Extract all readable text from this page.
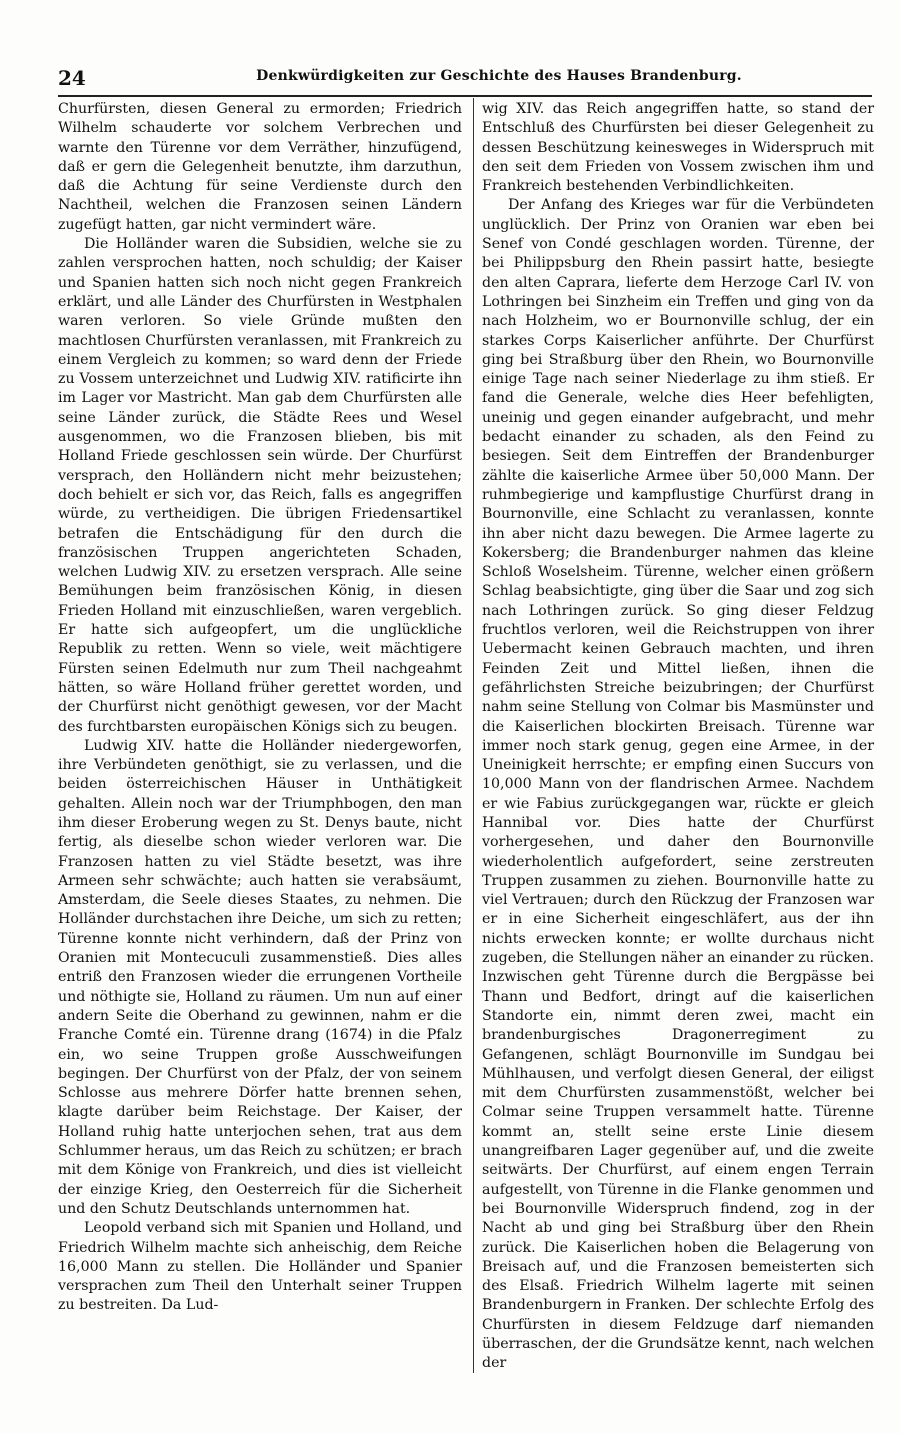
24	Denkwürdigkeiten zur Geschichte des Hauses Brandenburg.

Churfürsten, diesen General zu ermorden; Friedrich Wilhelm schauderte vor solchem Verbrechen und warnte den Türenne vor dem Verräther, hinzufügend, daß er gern die Gelegenheit benutzte, ihm darzuthun, daß die Achtung für seine Verdienste durch den Nachtheil, welchen die Franzosen seinen Ländern zugefügt hatten, gar nicht vermindert wäre.

Die Holländer waren die Subsidien, welche sie zu zahlen versprochen hatten, noch schuldig; der Kaiser und Spanien hatten sich noch nicht gegen Frankreich erklärt, und alle Länder des Churfürsten in Westphalen waren verloren. So viele Gründe mußten den machtlosen Churfürsten veranlassen, mit Frankreich zu einem Vergleich zu kommen; so ward denn der Friede zu Vossem unterzeichnet und Ludwig XIV. ratificirte ihn im Lager vor Mastricht. Man gab dem Churfürsten alle seine Länder zurück, die Städte Rees und Wesel ausgenommen, wo die Franzosen blieben, bis mit Holland Friede geschlossen sein würde. Der Churfürst versprach, den Holländern nicht mehr beizustehen; doch behielt er sich vor, das Reich, falls es angegriffen würde, zu vertheidigen. Die übrigen Friedensartikel betrafen die Entschädigung für den durch die französischen Truppen angerichteten Schaden, welchen Ludwig XIV. zu ersetzen versprach. Alle seine Bemühungen beim französischen König, in diesen Frieden Holland mit einzuschließen, waren vergeblich. Er hatte sich aufgeopfert, um die unglückliche Republik zu retten. Wenn so viele, weit mächtigere Fürsten seinen Edelmuth nur zum Theil nachgeahmt hätten, so wäre Holland früher gerettet worden, und der Churfürst nicht genöthigt gewesen, vor der Macht des furchtbarsten europäischen Königs sich zu beugen.

Ludwig XIV. hatte die Holländer niedergeworfen, ihre Verbündeten genöthigt, sie zu verlassen, und die beiden österreichischen Häuser in Unthätigkeit gehalten. Allein noch war der Triumphbogen, den man ihm dieser Eroberung wegen zu St. Denys baute, nicht fertig, als dieselbe schon wieder verloren war. Die Franzosen hatten zu viel Städte besetzt, was ihre Armeen sehr schwächte; auch hatten sie verabsäumt, Amsterdam, die Seele dieses Staates, zu nehmen. Die Holländer durchstachen ihre Deiche, um sich zu retten; Türenne konnte nicht verhindern, daß der Prinz von Oranien mit Montecuculi zusammenstieß. Dies alles entriß den Franzosen wieder die errungenen Vortheile und nöthigte sie, Holland zu räumen. Um nun auf einer andern Seite die Oberhand zu gewinnen, nahm er die Franche Comté ein. Türenne drang (1674) in die Pfalz ein, wo seine Truppen große Ausschweifungen begingen. Der Churfürst von der Pfalz, der von seinem Schlosse aus mehrere Dörfer hatte brennen sehen, klagte darüber beim Reichstage. Der Kaiser, der Holland ruhig hatte unterjochen sehen, trat aus dem Schlummer heraus, um das Reich zu schützen; er brach mit dem Könige von Frankreich, und dies ist vielleicht der einzige Krieg, den Oesterreich für die Sicherheit und den Schutz Deutschlands unternommen hat.

Leopold verband sich mit Spanien und Holland, und Friedrich Wilhelm machte sich anheischig, dem Reiche 16,000 Mann zu stellen. Die Holländer und Spanier versprachen zum Theil den Unterhalt seiner Truppen zu bestreiten. Da Lud-

wig XIV. das Reich angegriffen hatte, so stand der Entschluß des Churfürsten bei dieser Gelegenheit zu dessen Beschützung keinesweges in Widerspruch mit den seit dem Frieden von Vossem zwischen ihm und Frankreich bestehenden Verbindlichkeiten.

Der Anfang des Krieges war für die Verbündeten unglücklich. Der Prinz von Oranien war eben bei Senef von Condé geschlagen worden. Türenne, der bei Philippsburg den Rhein passirt hatte, besiegte den alten Caprara, lieferte dem Herzoge Carl IV. von Lothringen bei Sinzheim ein Treffen und ging von da nach Holzheim, wo er Bournonville schlug, der ein starkes Corps Kaiserlicher anführte. Der Churfürst ging bei Straßburg über den Rhein, wo Bournonville einige Tage nach seiner Niederlage zu ihm stieß. Er fand die Generale, welche dies Heer befehligten, uneinig und gegen einander aufgebracht, und mehr bedacht einander zu schaden, als den Feind zu besiegen. Seit dem Eintreffen der Brandenburger zählte die kaiserliche Armee über 50,000 Mann. Der ruhmbegierige und kampflustige Churfürst drang in Bournonville, eine Schlacht zu veranlassen, konnte ihn aber nicht dazu bewegen. Die Armee lagerte zu Kokersberg; die Brandenburger nahmen das kleine Schloß Woselsheim. Türenne, welcher einen größern Schlag beabsichtigte, ging über die Saar und zog sich nach Lothringen zurück. So ging dieser Feldzug fruchtlos verloren, weil die Reichstruppen von ihrer Uebermacht keinen Gebrauch machten, und ihren Feinden Zeit und Mittel ließen, ihnen die gefährlichsten Streiche beizubringen; der Churfürst nahm seine Stellung von Colmar bis Masmünster und die Kaiserlichen blockirten Breisach. Türenne war immer noch stark genug, gegen eine Armee, in der Uneinigkeit herrschte; er empfing einen Succurs von 10,000 Mann von der flandrischen Armee. Nachdem er wie Fabius zurückgegangen war, rückte er gleich Hannibal vor. Dies hatte der Churfürst vorhergesehen, und daher den Bournonville wiederholentlich aufgefordert, seine zerstreuten Truppen zusammen zu ziehen. Bournonville hatte zu viel Vertrauen; durch den Rückzug der Franzosen war er in eine Sicherheit eingeschläfert, aus der ihn nichts erwecken konnte; er wollte durchaus nicht zugeben, die Stellungen näher an einander zu rücken. Inzwischen geht Türenne durch die Bergpässe bei Thann und Bedfort, dringt auf die kaiserlichen Standorte ein, nimmt deren zwei, macht ein brandenburgisches Dragonerregiment zu Gefangenen, schlägt Bournonville im Sundgau bei Mühlhausen, und verfolgt diesen General, der eiligst mit dem Churfürsten zusammenstößt, welcher bei Colmar seine Truppen versammelt hatte. Türenne kommt an, stellt seine erste Linie diesem unangreifbaren Lager gegenüber auf, und die zweite seitwärts. Der Churfürst, auf einem engen Terrain aufgestellt, von Türenne in die Flanke genommen und bei Bournonville Widerspruch findend, zog in der Nacht ab und ging bei Straßburg über den Rhein zurück. Die Kaiserlichen hoben die Belagerung von Breisach auf, und die Franzosen bemeisterten sich des Elsaß. Friedrich Wilhelm lagerte mit seinen Brandenburgern in Franken. Der schlechte Erfolg des Churfürsten in diesem Feldzuge darf niemanden überraschen, der die Grundsätze kennt, nach welchen der
